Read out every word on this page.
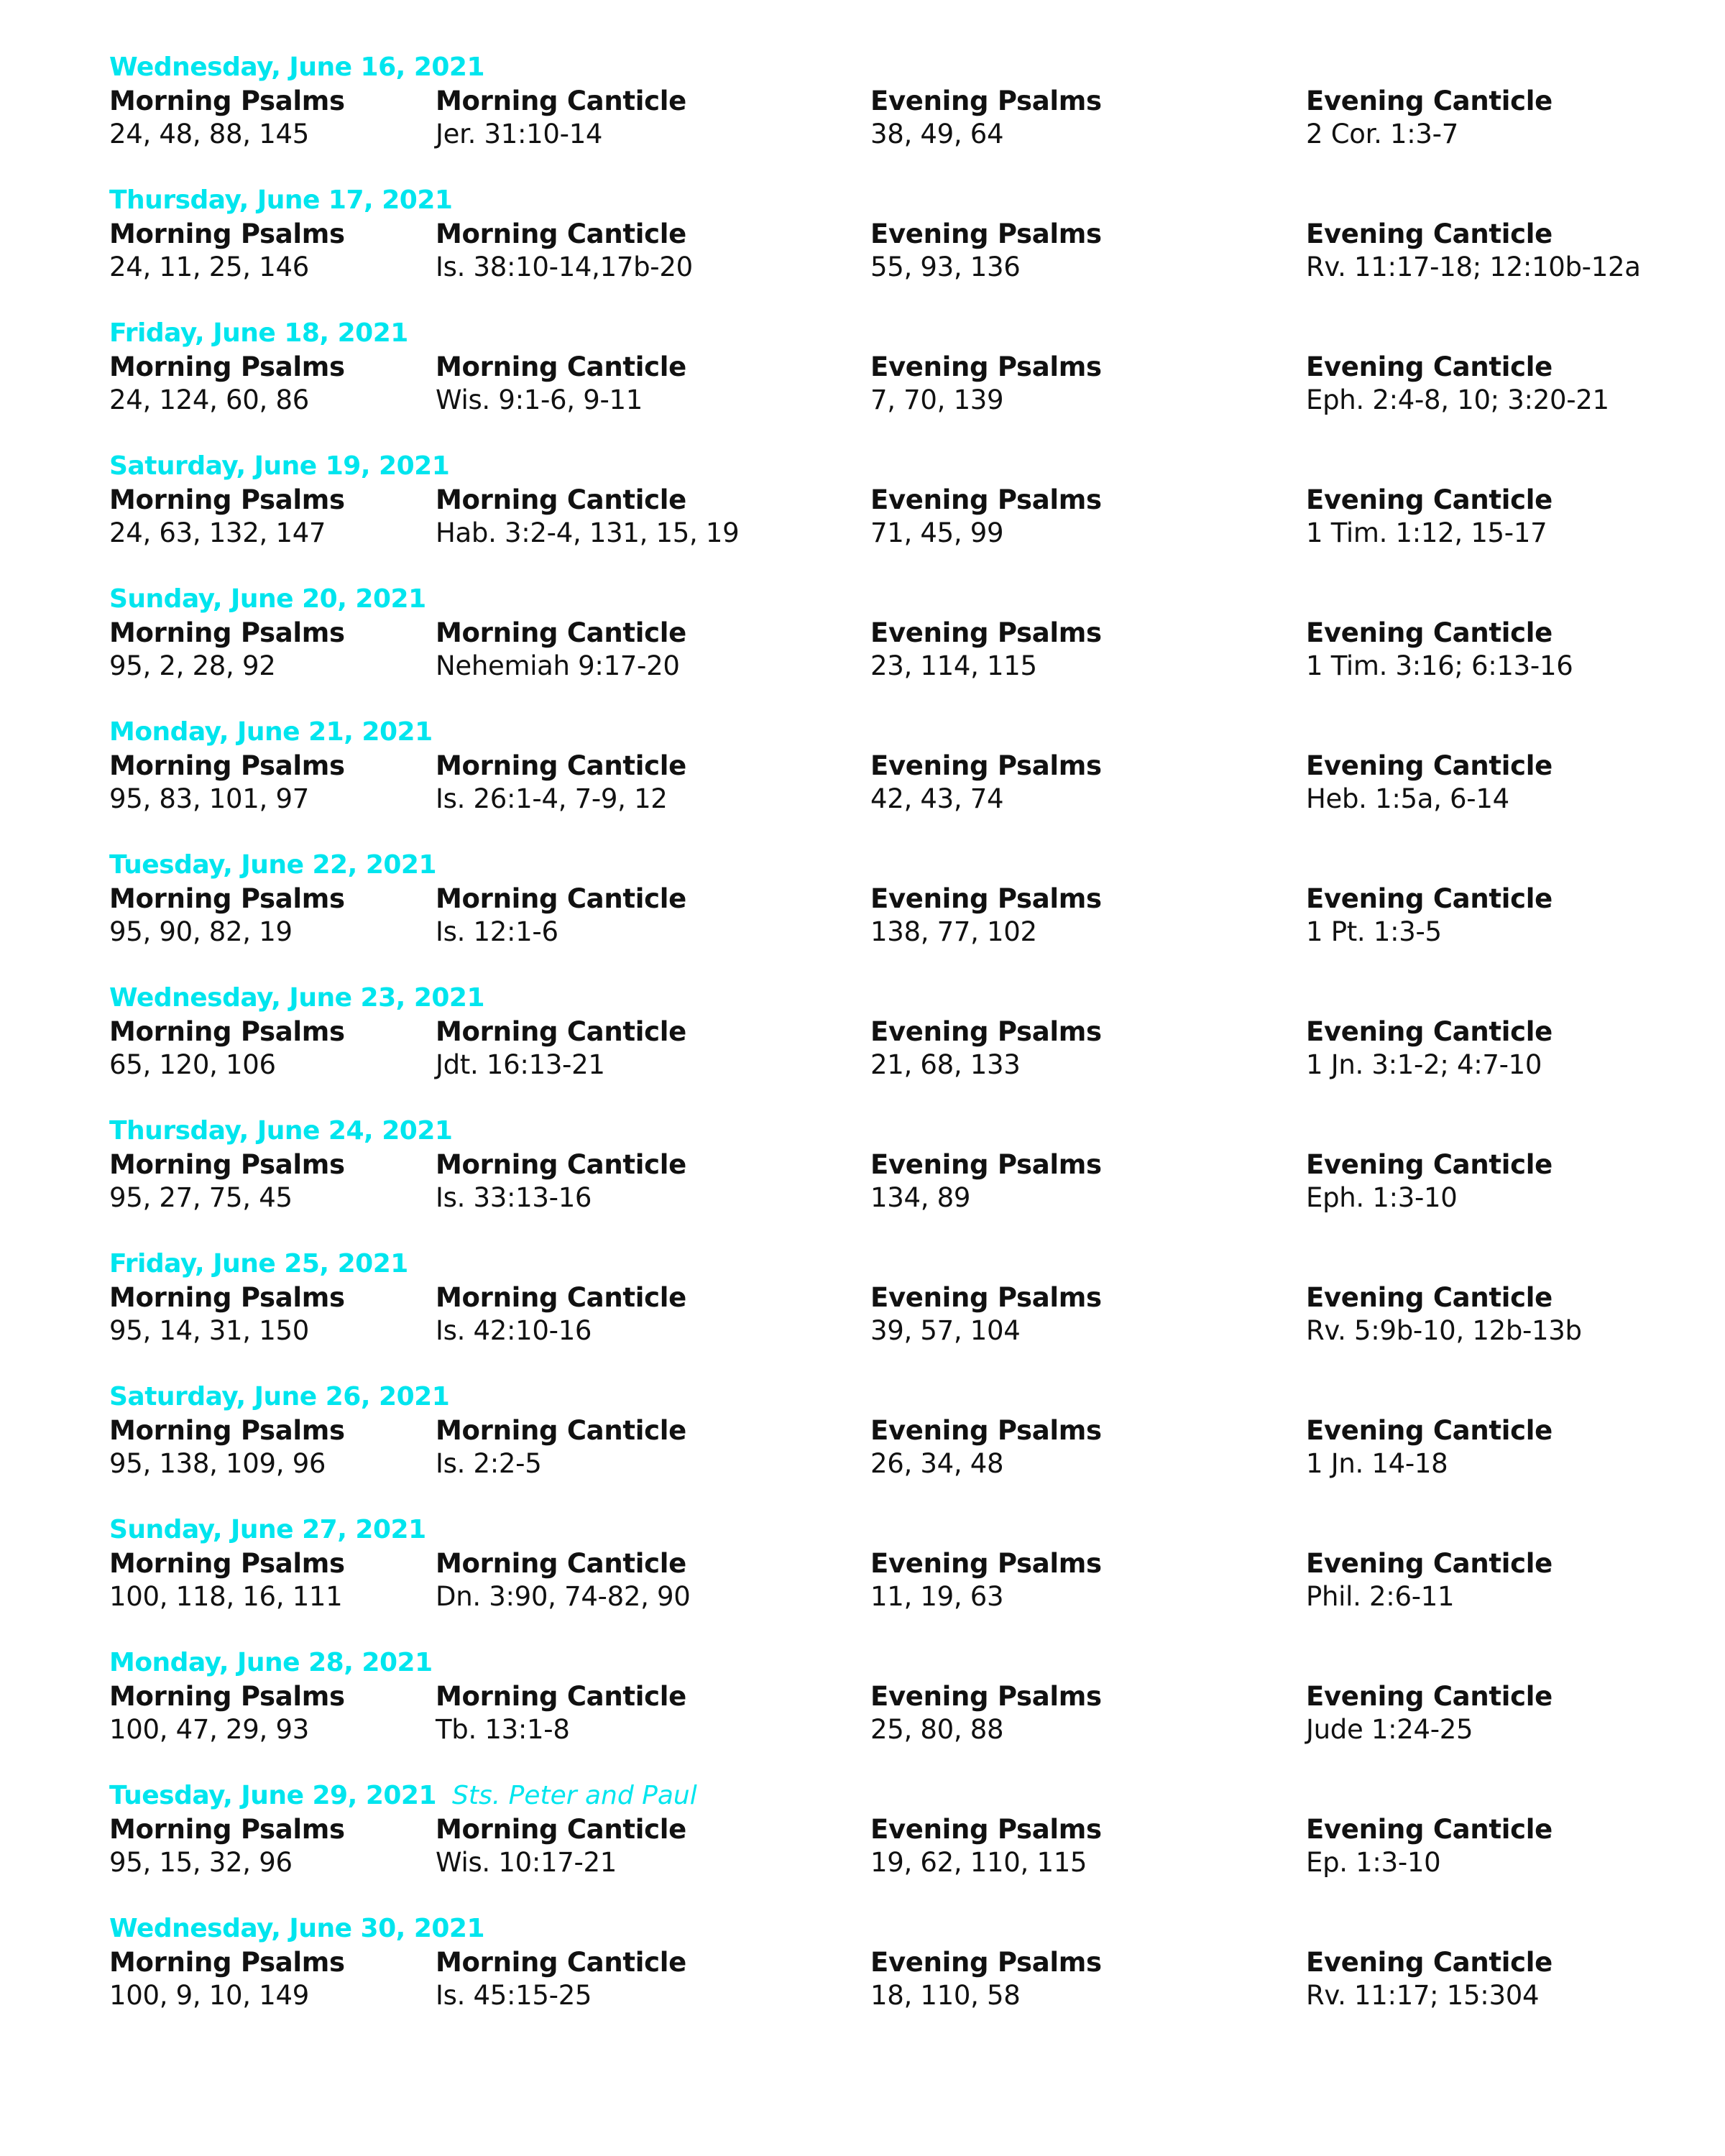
Wednesday, June 16, 2021
Morning Psalms
24, 48, 88, 145
Morning Canticle
Jer. 31:10-14
Evening Psalms
38, 49, 64
Evening Canticle
2 Cor. 1:3-7
Thursday, June 17, 2021
Morning Psalms
24, 11, 25, 146
Morning Canticle
Is. 38:10-14,17b-20
Evening Psalms
55, 93, 136
Evening Canticle
Rv. 11:17-18; 12:10b-12a
Friday, June 18, 2021
Morning Psalms
24, 124, 60, 86
Morning Canticle
Wis. 9:1-6, 9-11
Evening Psalms
7, 70, 139
Evening Canticle
Eph. 2:4-8, 10; 3:20-21
Saturday, June 19, 2021
Morning Psalms
24, 63, 132, 147
Morning Canticle
Hab. 3:2-4, 131, 15, 19
Evening Psalms
71, 45, 99
Evening Canticle
1 Tim. 1:12, 15-17
Sunday, June 20, 2021
Morning Psalms
95, 2, 28, 92
Morning Canticle
Nehemiah 9:17-20
Evening Psalms
23, 114, 115
Evening Canticle
1 Tim. 3:16; 6:13-16
Monday, June 21, 2021
Morning Psalms
95, 83, 101, 97
Morning Canticle
Is. 26:1-4, 7-9, 12
Evening Psalms
42, 43, 74
Evening Canticle
Heb. 1:5a, 6-14
Tuesday, June 22, 2021
Morning Psalms
95, 90, 82, 19
Morning Canticle
Is. 12:1-6
Evening Psalms
138, 77, 102
Evening Canticle
1 Pt. 1:3-5
Wednesday, June 23, 2021
Morning Psalms
65, 120, 106
Morning Canticle
Jdt. 16:13-21
Evening Psalms
21, 68, 133
Evening Canticle
1 Jn. 3:1-2; 4:7-10
Thursday, June 24, 2021
Morning Psalms
95, 27, 75, 45
Morning Canticle
Is. 33:13-16
Evening Psalms
134, 89
Evening Canticle
Eph. 1:3-10
Friday, June 25, 2021
Morning Psalms
95, 14, 31, 150
Morning Canticle
Is. 42:10-16
Evening Psalms
39, 57, 104
Evening Canticle
Rv. 5:9b-10, 12b-13b
Saturday, June 26, 2021
Morning Psalms
95, 138, 109, 96
Morning Canticle
Is. 2:2-5
Evening Psalms
26, 34, 48
Evening Canticle
1 Jn. 14-18
Sunday, June 27, 2021
Morning Psalms
100, 118, 16, 111
Morning Canticle
Dn. 3:90, 74-82, 90
Evening Psalms
11, 19, 63
Evening Canticle
Phil. 2:6-11
Monday, June 28, 2021
Morning Psalms
100, 47, 29, 93
Morning Canticle
Tb. 13:1-8
Evening Psalms
25, 80, 88
Evening Canticle
Jude 1:24-25
Tuesday, June 29, 2021 Sts. Peter and Paul
Morning Psalms
95, 15, 32, 96
Morning Canticle
Wis. 10:17-21
Evening Psalms
19, 62, 110, 115
Evening Canticle
Ep. 1:3-10
Wednesday, June 30, 2021
Morning Psalms
100, 9, 10, 149
Morning Canticle
Is. 45:15-25
Evening Psalms
18, 110, 58
Evening Canticle
Rv. 11:17; 15:304
